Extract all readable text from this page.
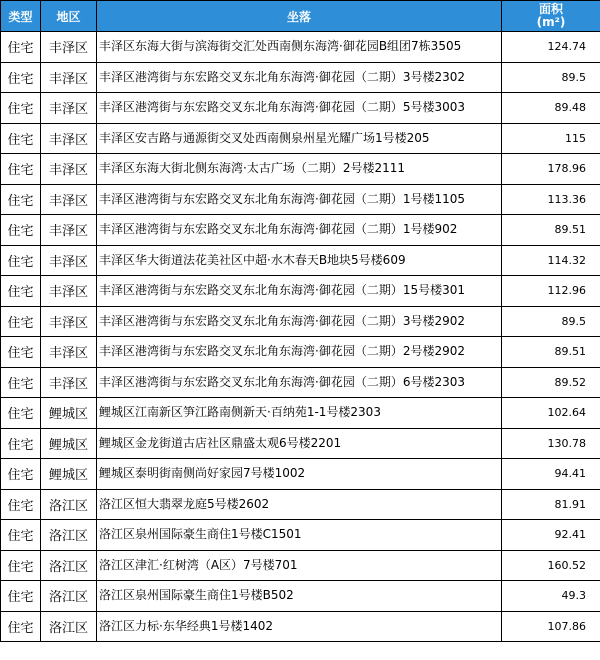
类型	地区	坐落	面积
(m²)
住宅	丰泽区	丰泽区东海大街与滨海街交汇处西南侧东海湾·御花园B组团7栋3505	124.74
住宅	丰泽区	丰泽区港湾街与东宏路交叉东北角东海湾·御花园（二期）3号楼2302	89.5
住宅	丰泽区	丰泽区港湾街与东宏路交叉东北角东海湾·御花园（二期）5号楼3003	89.48
住宅	丰泽区	丰泽区安吉路与通源街交叉处西南侧泉州星光耀广场1号楼205	115
住宅	丰泽区	丰泽区东海大街北侧东海湾·太古广场（二期）2号楼2111	178.96
住宅	丰泽区	丰泽区港湾街与东宏路交叉东北角东海湾·御花园（二期）1号楼1105	113.36
住宅	丰泽区	丰泽区港湾街与东宏路交叉东北角东海湾·御花园（二期）1号楼902	89.51
住宅	丰泽区	丰泽区华大街道法花美社区中超·水木春天B地块5号楼609	114.32
住宅	丰泽区	丰泽区港湾街与东宏路交叉东北角东海湾·御花园（二期）15号楼301	112.96
住宅	丰泽区	丰泽区港湾街与东宏路交叉东北角东海湾·御花园（二期）3号楼2902	89.5
住宅	丰泽区	丰泽区港湾街与东宏路交叉东北角东海湾·御花园（二期）2号楼2902	89.51
住宅	丰泽区	丰泽区港湾街与东宏路交叉东北角东海湾·御花园（二期）6号楼2303	89.52
住宅	鲤城区	鲤城区江南新区笋江路南侧新天·百纳苑1-1号楼2303	102.64
住宅	鲤城区	鲤城区金龙街道古店社区鼎盛太观6号楼2201	130.78
住宅	鲤城区	鲤城区泰明街南侧尚好家园7号楼1002	94.41
住宅	洛江区	洛江区恒大翡翠龙庭5号楼2602	81.91
住宅	洛江区	洛江区泉州国际豪生商住1号楼C1501	92.41
住宅	洛江区	洛江区津汇·红树湾（A区）7号楼701	160.52
住宅	洛江区	洛江区泉州国际豪生商住1号楼B502	49.3
住宅	洛江区	洛江区力标·东华经典1号楼1402	107.86
